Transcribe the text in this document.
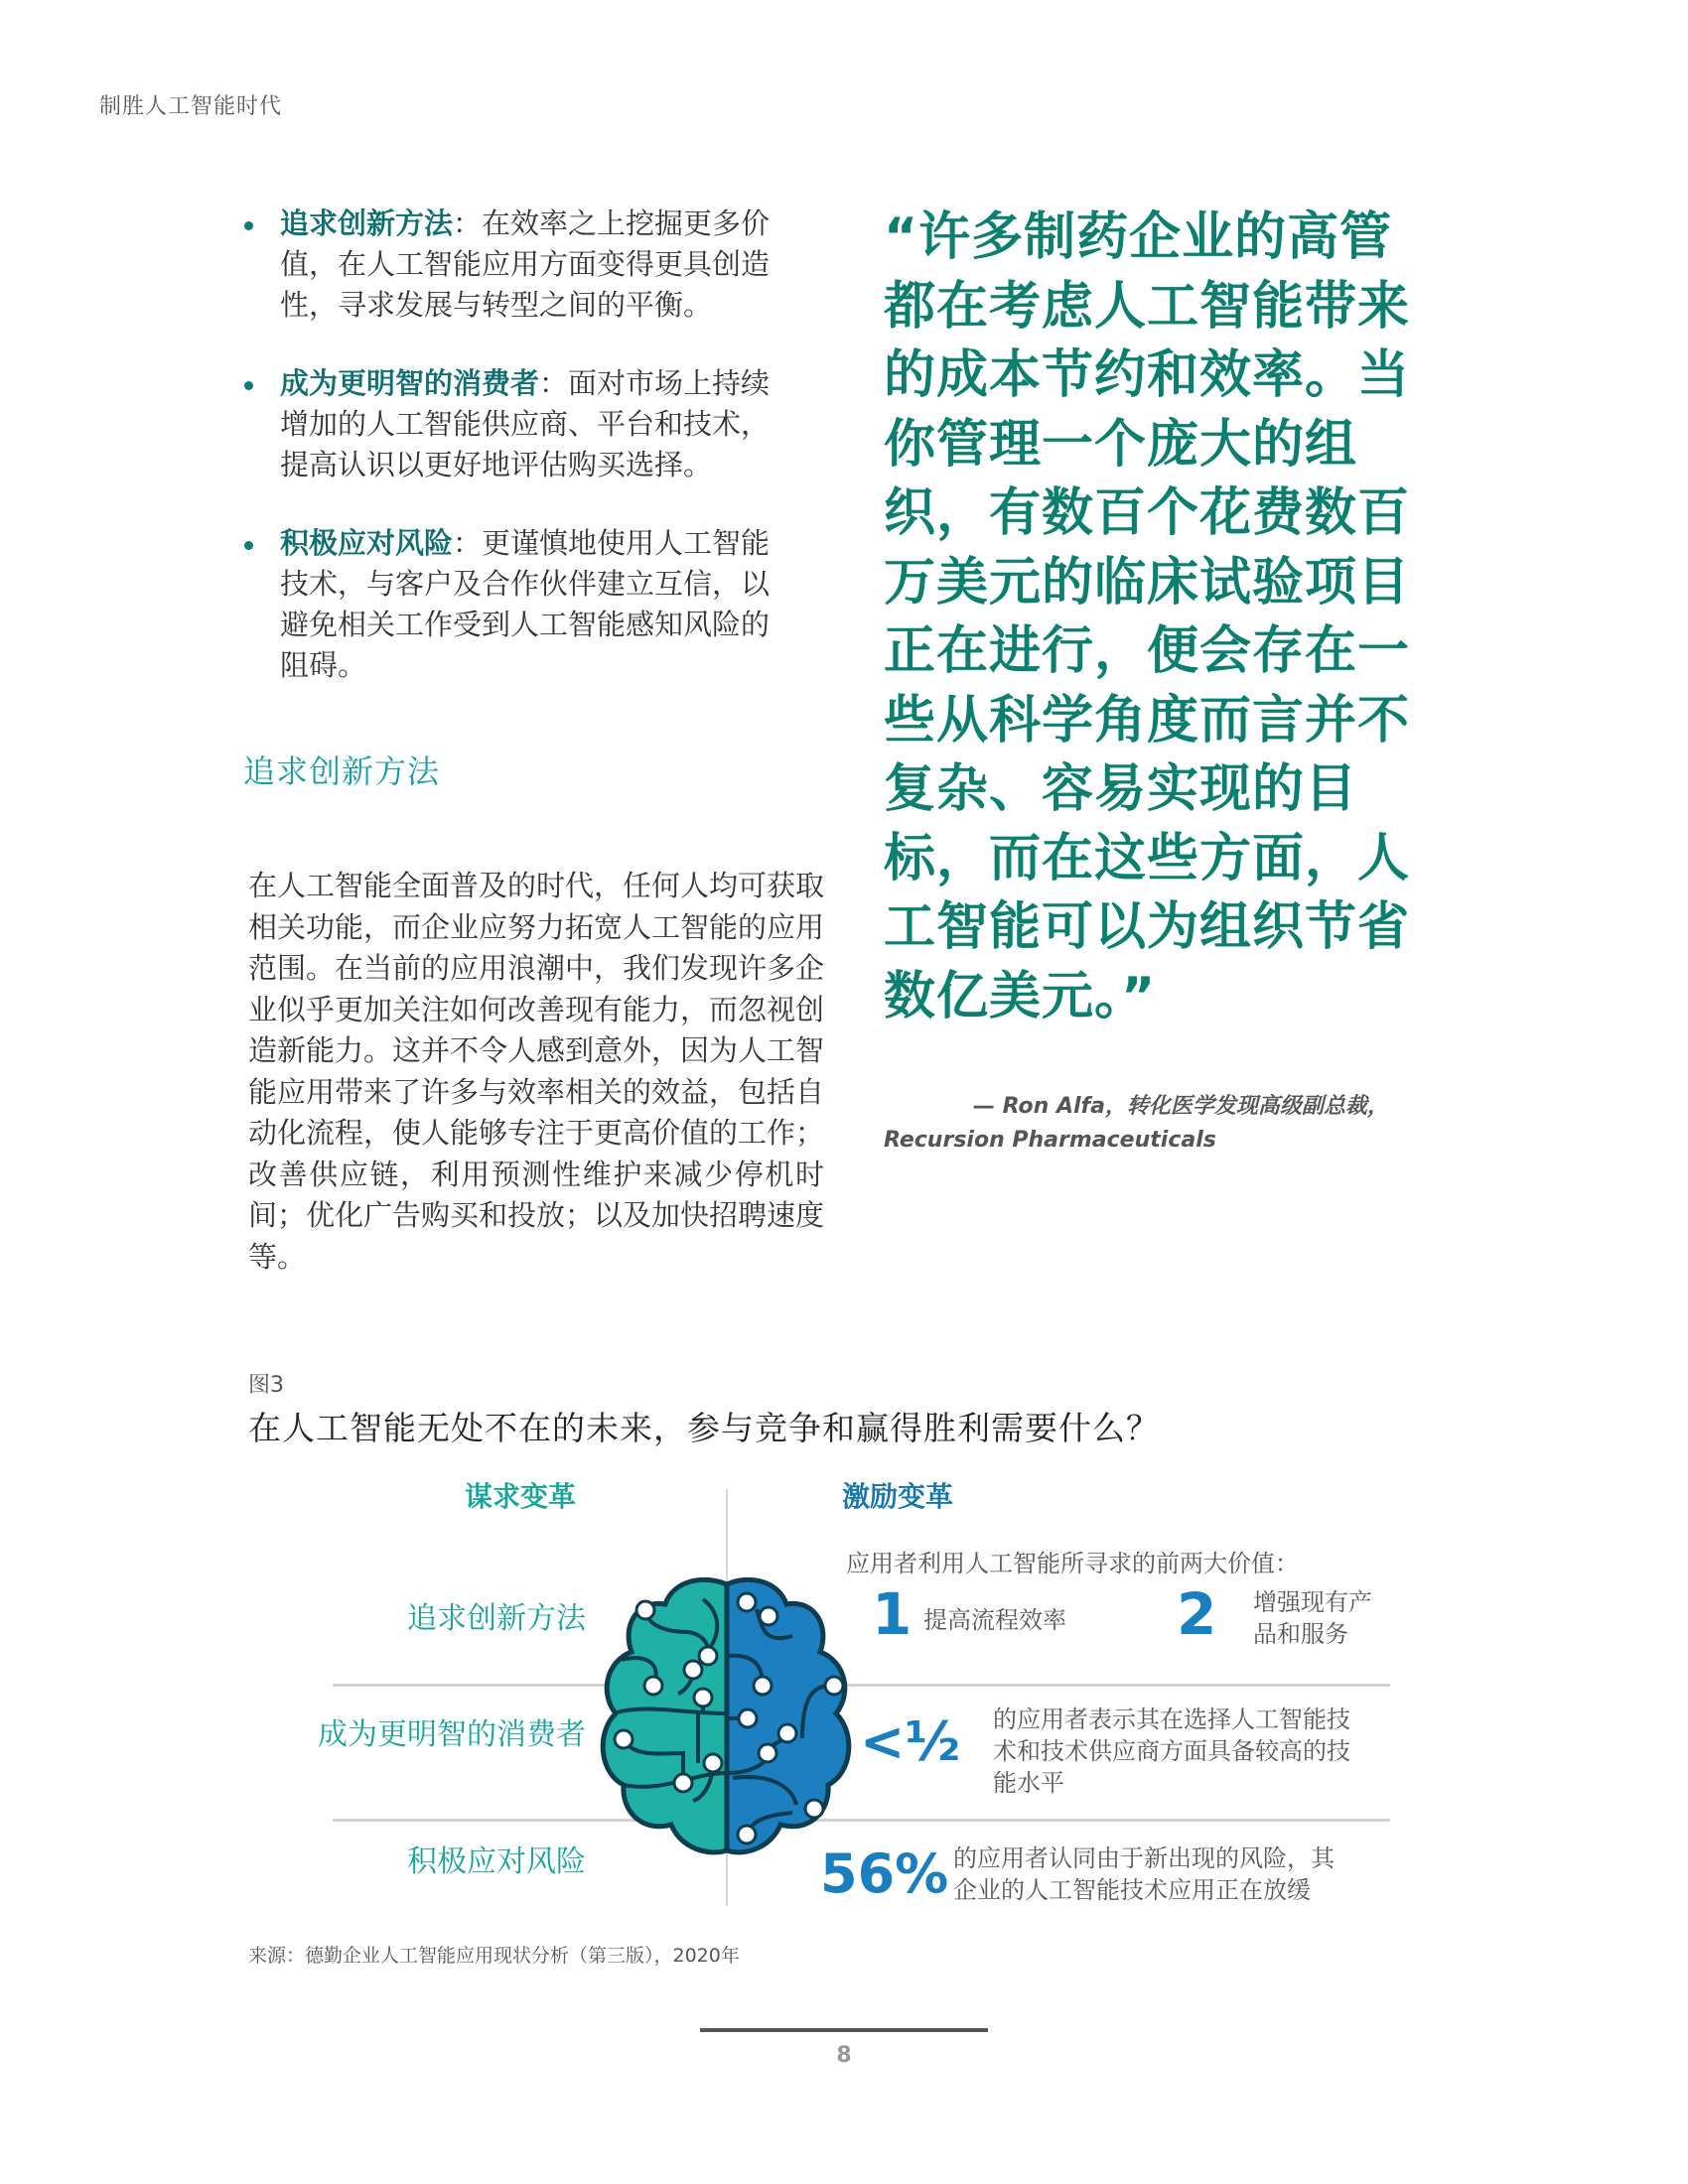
制胜人工智能时代
追求创新方法：在效率之上挖掘更多价值，在人工智能应用方面变得更具创造性，寻求发展与转型之间的平衡。
成为更明智的消费者：面对市场上持续增加的人工智能供应商、平台和技术，提高认识以更好地评估购买选择。
积极应对风险：更谨慎地使用人工智能技术，与客户及合作伙伴建立互信，以避免相关工作受到人工智能感知风险的阻碍。
追求创新方法
在人工智能全面普及的时代，任何人均可获取相关功能，而企业应努力拓宽人工智能的应用范围。在当前的应用浪潮中，我们发现许多企业似乎更加关注如何改善现有能力，而忽视创造新能力。这并不令人感到意外，因为人工智能应用带来了许多与效率相关的效益，包括自动化流程，使人能够专注于更高价值的工作；改善供应链，利用预测性维护来减少停机时间；优化广告购买和投放；以及加快招聘速度等。
“许多制药企业的高管都在考虑人工智能带来的成本节约和效率。当你管理一个庞大的组织，有数百个花费数百万美元的临床试验项目正在进行，便会存在一些从科学角度而言并不复杂、容易实现的目标，而在这些方面，人工智能可以为组织节省数亿美元。”
— Ron Alfa，转化医学发现高级副总裁，
Recursion Pharmaceuticals
图3
在人工智能无处不在的未来，参与竞争和赢得胜利需要什么？
谋求变革	激励变革
追求创新方法
成为更明智的消费者
积极应对风险
应用者利用人工智能所寻求的前两大价值：
1 提高流程效率 2 增强现有产品和服务
<½ 的应用者表示其在选择人工智能技术和技术供应商方面具备较高的技能水平
56% 的应用者认同由于新出现的风险，其企业的人工智能技术应用正在放缓
来源：德勤企业人工智能应用现状分析（第三版），2020年
8
